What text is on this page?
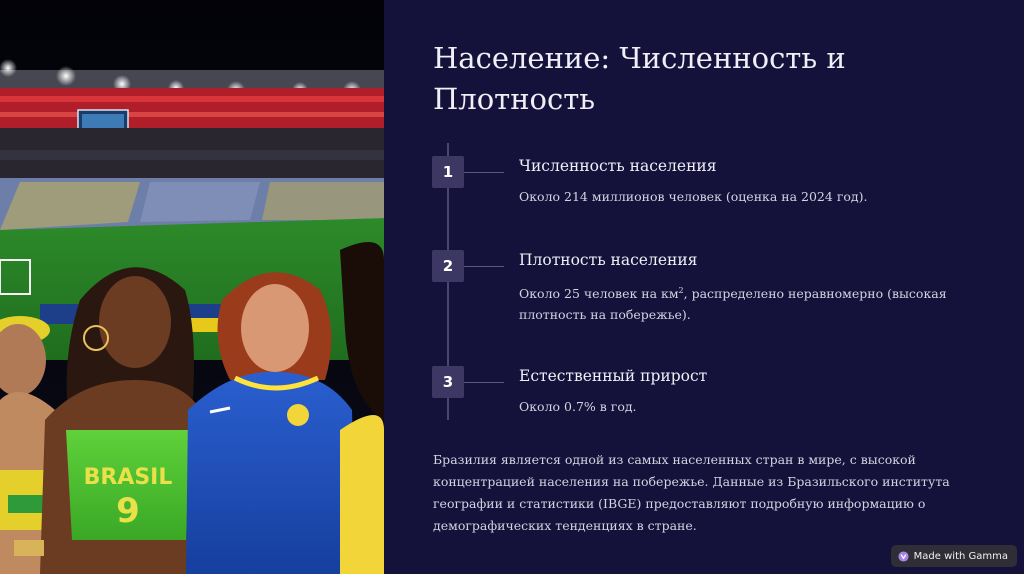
BRASIL
9
Население: Численность и Плотность
1	Численность населения
Около 214 миллионов человек (оценка на 2024 год).
2	Плотность населения
Около 25 человек на $км^2$, распределено неравномерно (высокая плотность на побережье).
3	Естественный прирост
Около 0.7% в год.

Бразилия является одной из самых населенных стран в мире, с высокой концентрацией населения на побережье. Данные из Бразильского института географии и статистики (IBGE) предоставляют подробную информацию о демографических тенденциях в стране.

Made with Gamma
